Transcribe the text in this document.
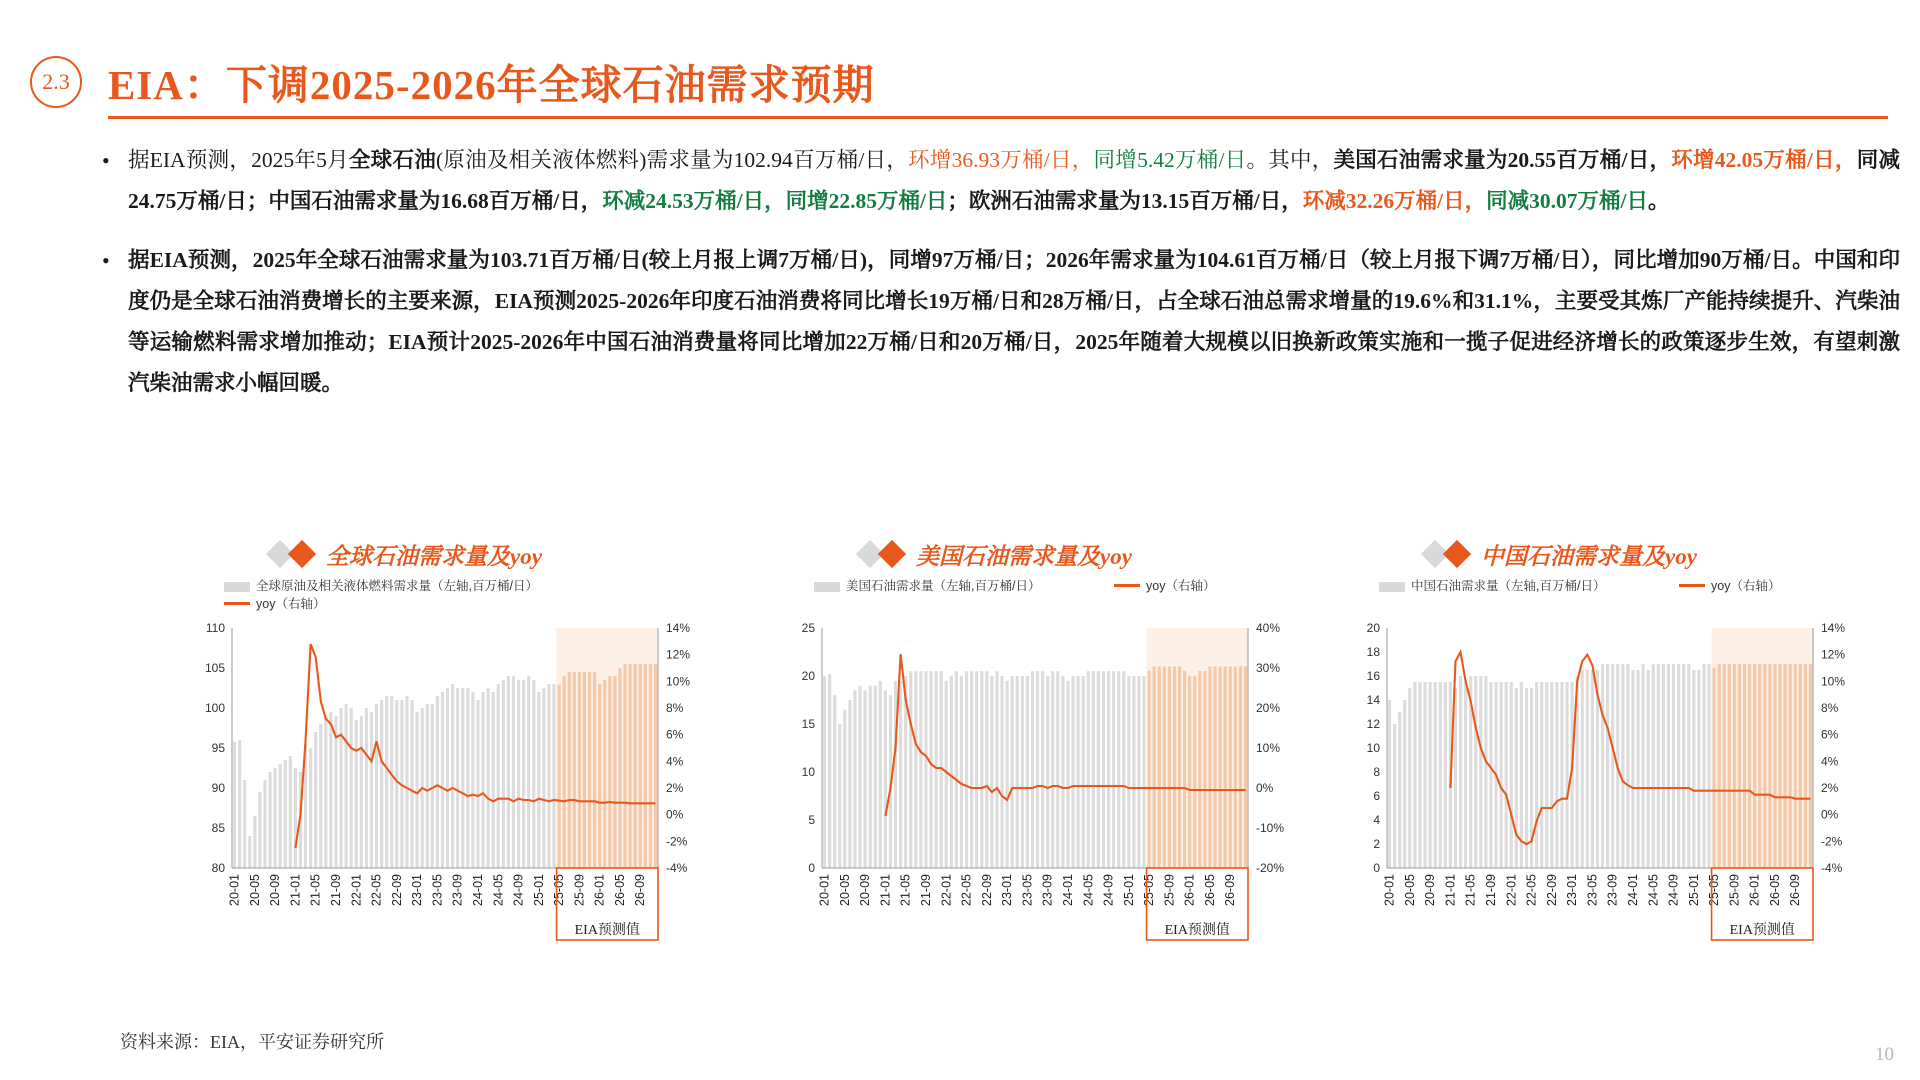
2.3 EIA：下调2025-2026年全球石油需求预期
• 据EIA预测，2025年5月全球石油(原油及相关液体燃料)需求量为102.94百万桶/日，环增36.93万桶/日，同增5.42万桶/日。其中，美国石油需求量为20.55百万桶/日，环增42.05万桶/日，同减24.75万桶/日；中国石油需求量为16.68百万桶/日，环减24.53万桶/日，同增22.85万桶/日；欧洲石油需求量为13.15百万桶/日，环减32.26万桶/日，同减30.07万桶/日。
• 据EIA预测，2025年全球石油需求量为103.71百万桶/日(较上月报上调7万桶/日)，同增97万桶/日；2026年需求量为104.61百万桶/日（较上月报下调7万桶/日），同比增加90万桶/日。中国和印度仍是全球石油消费增长的主要来源，EIA预测2025-2026年印度石油消费将同比增长19万桶/日和28万桶/日，占全球石油总需求增量的19.6%和31.1%，主要受其炼厂产能持续提升、汽柴油等运输燃料需求增加推动；EIA预计2025-2026年中国石油消费量将同比增加22万桶/日和20万桶/日，2025年随着大规模以旧换新政策实施和一揽子促进经济增长的政策逐步生效，有望刺激汽柴油需求小幅回暖。
全球石油需求量及yoy
全球原油及相关液体燃料需求量（左轴,百万桶/日）
yoy（右轴）
80
85
90
95
100
105
110
-4%
-2%
0%
2%
4%
6%
8%
10%
12%
14%
20-01 20-05 20-09 21-01 21-05 21-09 22-01 22-05 22-09 23-01 23-05 23-09 24-01 24-05 24-09 25-01 25-05 25-09 26-01 26-05 26-09
EIA预测值
美国石油需求量及yoy
美国石油需求量（左轴,百万桶/日）	yoy（右轴）
0
5
10
15
20
25
-20%
-10%
0%
10%
20%
30%
40%
20-01 20-05 20-09 21-01 21-05 21-09 22-01 22-05 22-09 23-01 23-05 23-09 24-01 24-05 24-09 25-01 25-05 25-09 26-01 26-05 26-09
EIA预测值
中国石油需求量及yoy
中国石油需求量（左轴,百万桶/日）	yoy（右轴）
0
2
4
6
8
10
12
14
16
18
20
-4%
-2%
0%
2%
4%
6%
8%
10%
12%
14%
20-01 20-05 20-09 21-01 21-05 21-09 22-01 22-05 22-09 23-01 23-05 23-09 24-01 24-05 24-09 25-01 25-05 25-09 26-01 26-05 26-09
EIA预测值
资料来源：EIA，平安证券研究所
10
